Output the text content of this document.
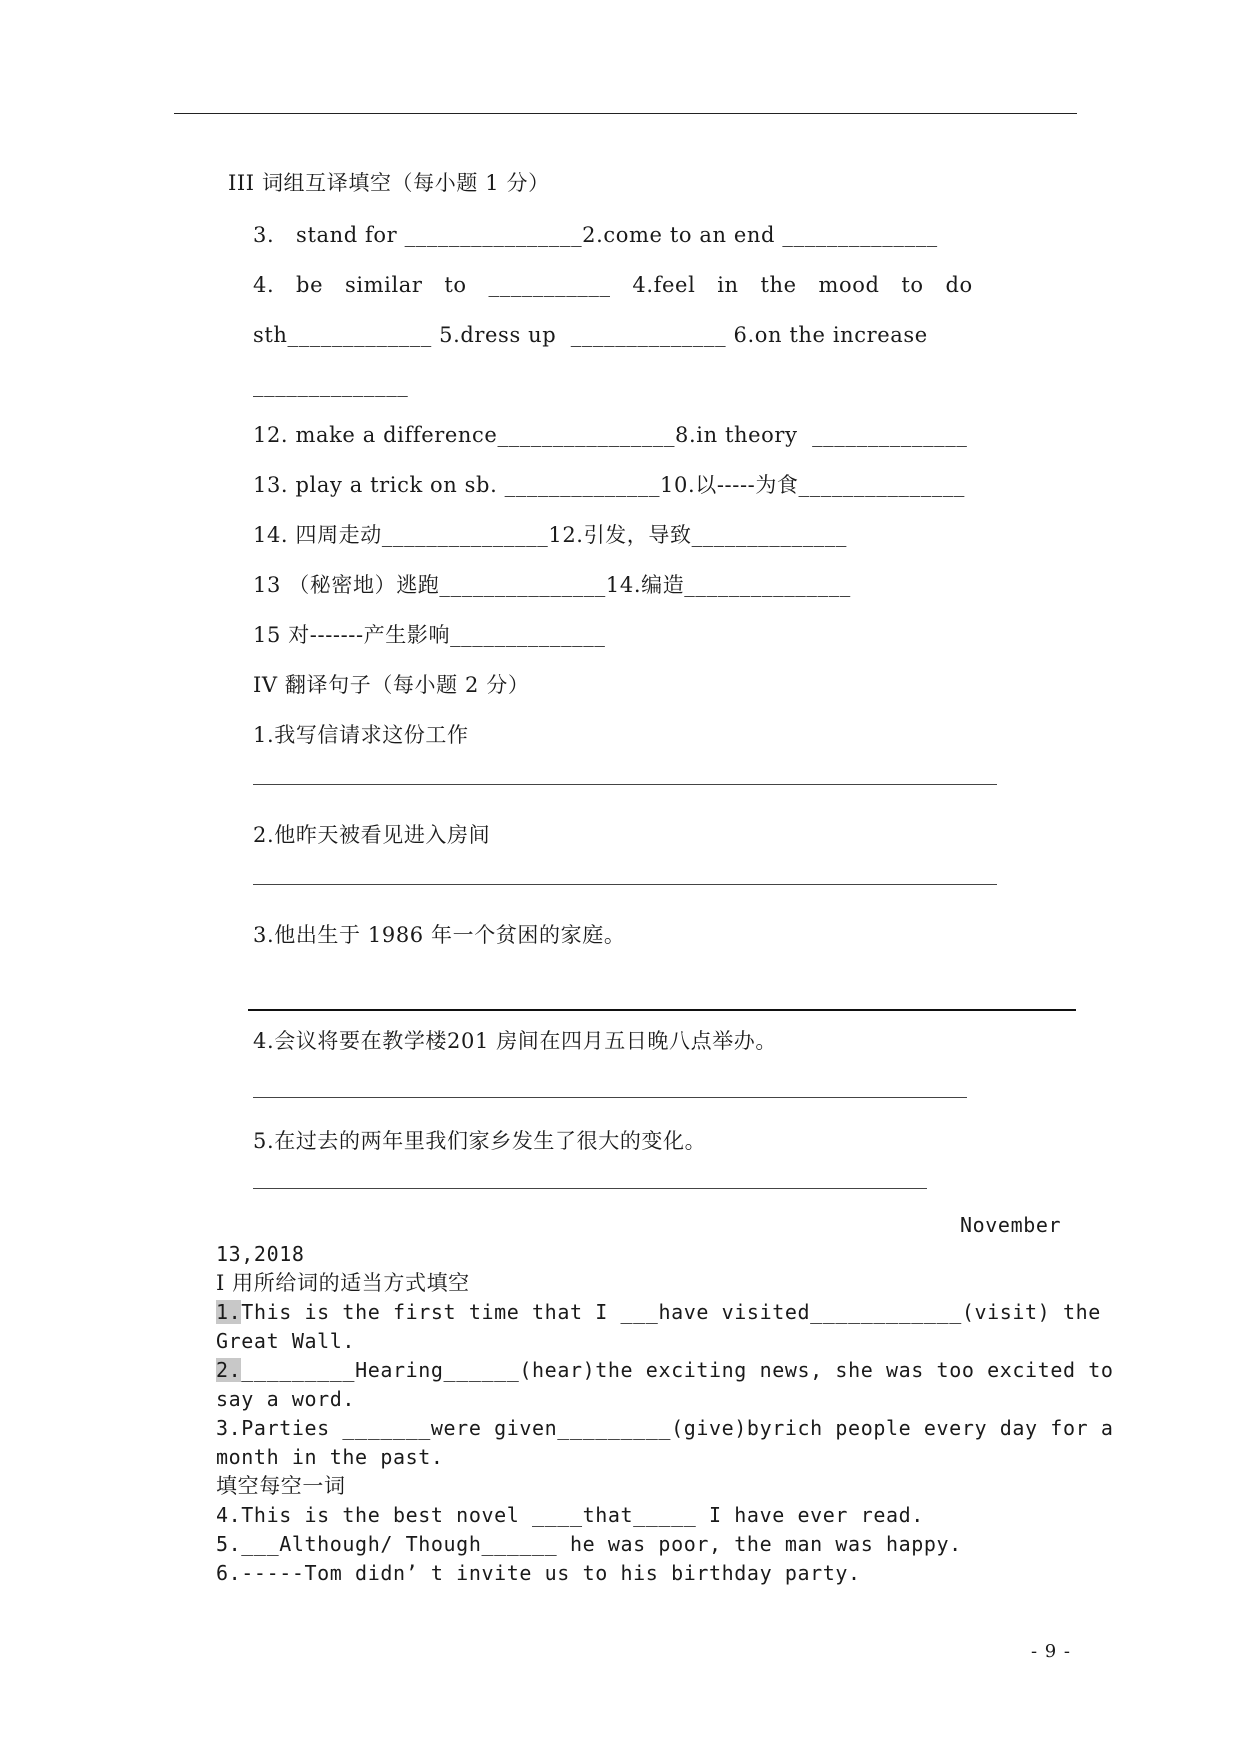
III 词组互译填空（每小题 1 分）
3.   stand for ________________2.come to an end ______________
4.   be   similar   to   ___________   4.feel   in   the   mood   to   do
sth_____________ 5.dress up  ______________ 6.on the increase
______________
12. make a difference________________8.in theory  ______________
13. play a trick on sb. ______________10.以-----为食_______________
14. 四周走动_______________12.引发，导致______________
13 （秘密地）逃跑_______________14.编造_______________
15 对-------产生影响______________
IV 翻译句子（每小题 2 分）
1.我写信请求这份工作
2.他昨天被看见进入房间
3.他出生于 1986 年一个贫困的家庭。
4.会议将要在教学楼201 房间在四月五日晚八点举办。
5.在过去的两年里我们家乡发生了很大的变化。
November
13,2018
I 用所给词的适当方式填空
1.This is the first time that I ___have visited____________(visit) the
Great Wall.
2._________Hearing______(hear)the exciting news, she was too excited to
say a word.
3.Parties _______were given_________(give)byrich people every day for a
month in the past.
填空每空一词
4.This is the best novel ____that_____ I have ever read.
5.___Although/ Though______ he was poor, the man was happy.
6.-----Tom didn’ t invite us to his birthday party.
- 9 -
